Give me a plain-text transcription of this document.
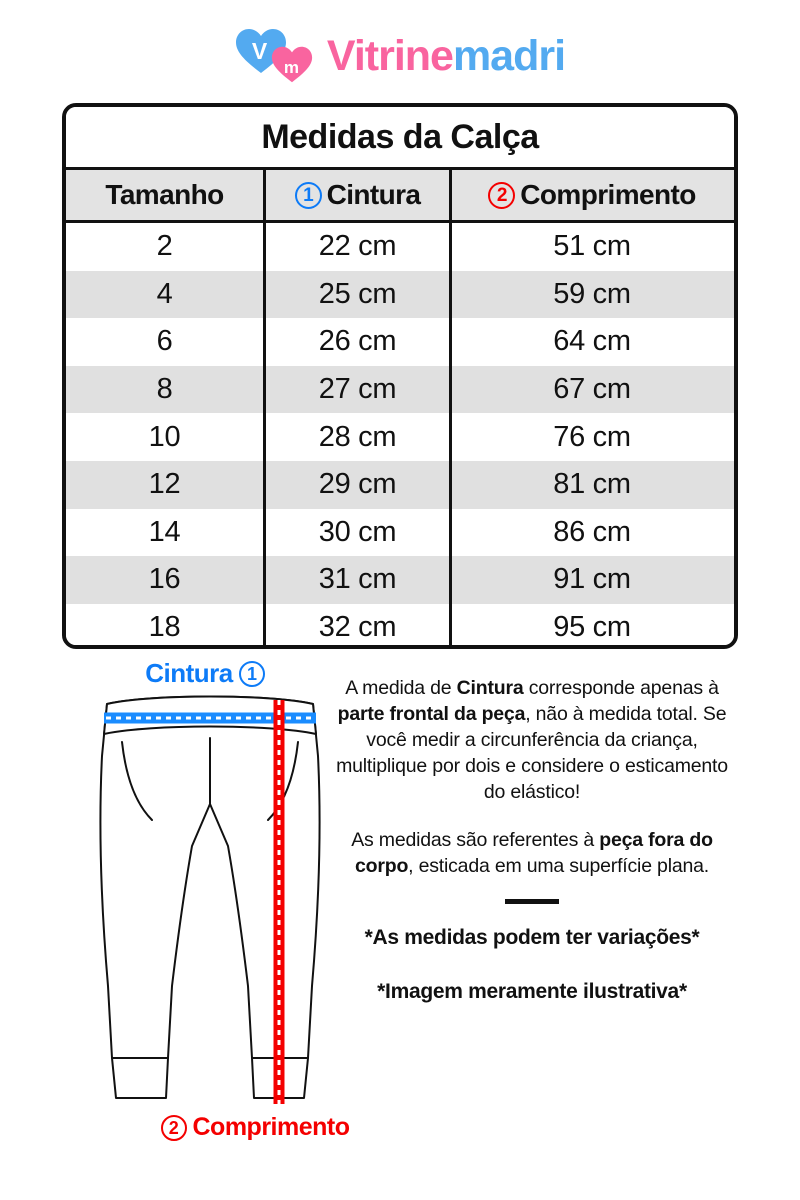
V
m Vitrinemadri
Medidas da Calça
Tamanho	1 Cintura	2 Comprimento
2	22 cm	51 cm
4	25 cm	59 cm
6	26 cm	64 cm
8	27 cm	67 cm
10	28 cm	76 cm
12	29 cm	81 cm
14	30 cm	86 cm
16	31 cm	91 cm
18	32 cm	95 cm
Cintura 1
2 Comprimento
A medida de Cintura corresponde apenas à parte frontal da peça, não à medida total. Se você medir a circunferência da criança, multiplique por dois e considere o esticamento do elástico!
As medidas são referentes à peça fora do corpo, esticada em uma superfície plana.
*As medidas podem ter variações*
*Imagem meramente ilustrativa*
